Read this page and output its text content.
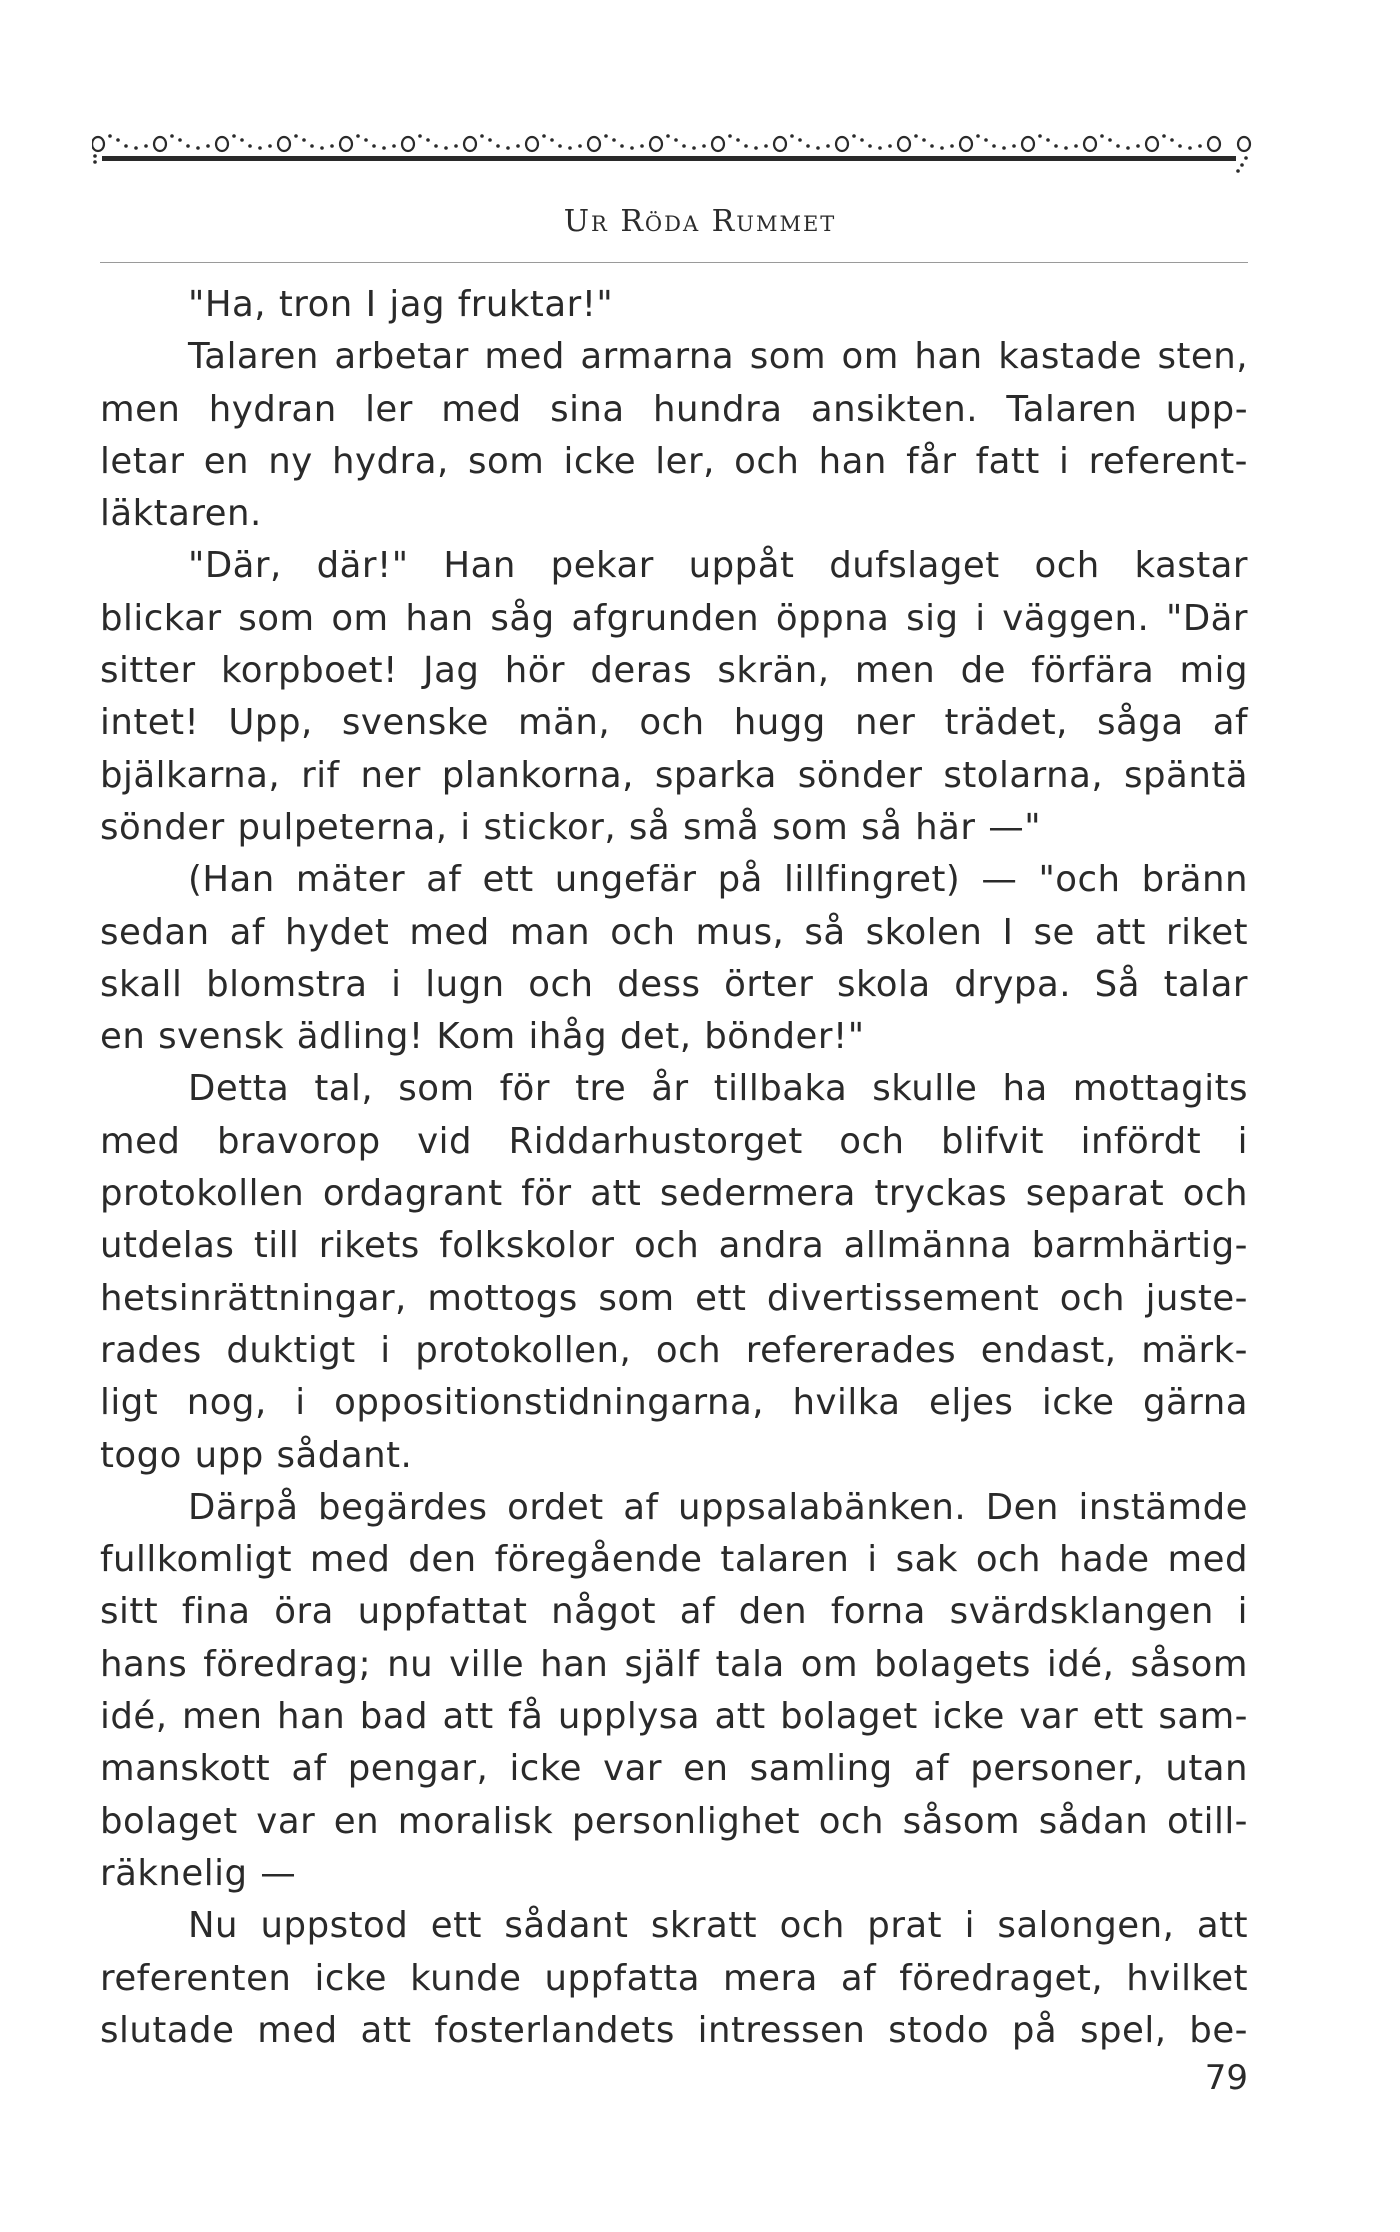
Ur Röda Rummet
"Ha, tron I jag fruktar!"
Talaren arbetar med armarna som om han kastade sten,
men hydran ler med sina hundra ansikten. Talaren upp-
letar en ny hydra, som icke ler, och han får fatt i referent-
läktaren.
"Där, där!" Han pekar uppåt dufslaget och kastar
blickar som om han såg afgrunden öppna sig i väggen. "Där
sitter korpboet! Jag hör deras skrän, men de förfära mig
intet! Upp, svenske män, och hugg ner trädet, såga af
bjälkarna, rif ner plankorna, sparka sönder stolarna, späntä
sönder pulpeterna, i stickor, så små som så här —"
(Han mäter af ett ungefär på lillfingret) — "och bränn
sedan af hydet med man och mus, så skolen I se att riket
skall blomstra i lugn och dess örter skola drypa. Så talar
en svensk ädling! Kom ihåg det, bönder!"
Detta tal, som för tre år tillbaka skulle ha mottagits
med bravorop vid Riddarhustorget och blifvit infördt i
protokollen ordagrant för att sedermera tryckas separat och
utdelas till rikets folkskolor och andra allmänna barmhärtig-
hetsinrättningar, mottogs som ett divertissement och juste-
rades duktigt i protokollen, och refererades endast, märk-
ligt nog, i oppositionstidningarna, hvilka eljes icke gärna
togo upp sådant.
Därpå begärdes ordet af uppsalabänken. Den instämde
fullkomligt med den föregående talaren i sak och hade med
sitt fina öra uppfattat något af den forna svärdsklangen i
hans föredrag; nu ville han själf tala om bolagets idé, såsom
idé, men han bad att få upplysa att bolaget icke var ett sam-
manskott af pengar, icke var en samling af personer, utan
bolaget var en moralisk personlighet och såsom sådan otill-
räknelig —
Nu uppstod ett sådant skratt och prat i salongen, att
referenten icke kunde uppfatta mera af föredraget, hvilket
slutade med att fosterlandets intressen stodo på spel, be-
79
